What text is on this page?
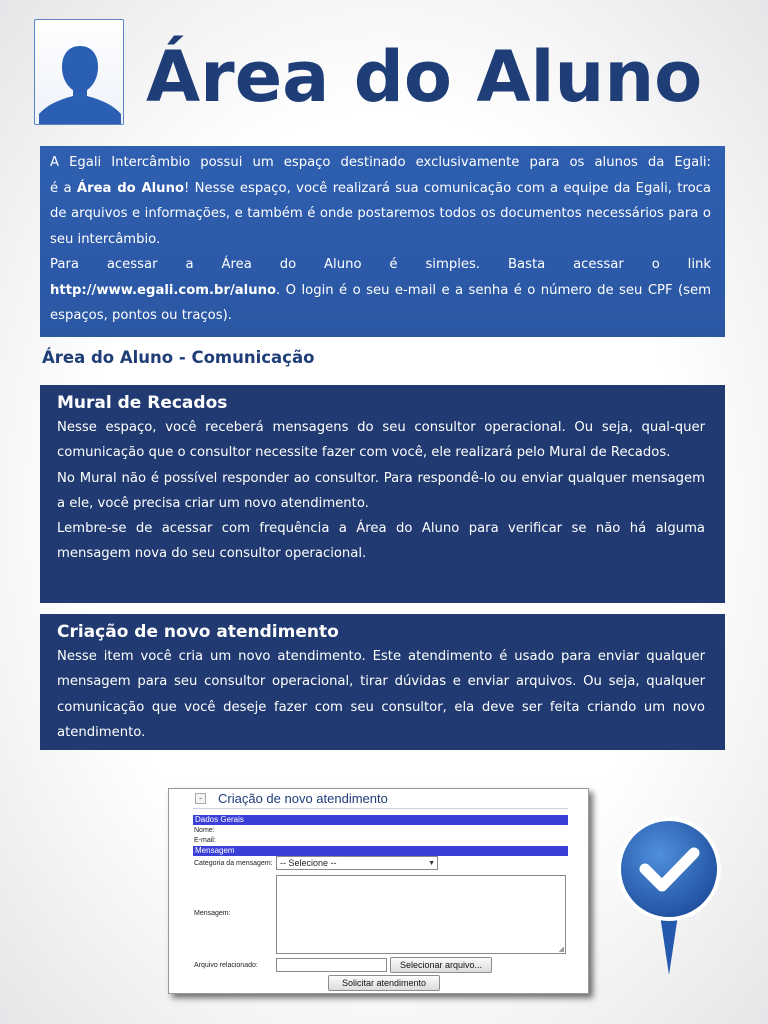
Área do Aluno

A Egali Intercâmbio possui um espaço destinado exclusivamente para os alunos da Egali:

é a Área do Aluno! Nesse espaço, você realizará sua comunicação com a equipe da Egali, troca de arquivos e informações, e também é onde postaremos todos os documentos necessários para o seu intercâmbio.

Para acessar a Área do Aluno é simples. Basta acessar o link

http://www.egali.com.br/aluno. O login é o seu e-mail e a senha é o número de seu CPF (sem espaços, pontos ou traços).

Área do Aluno - Comunicação
Mural de Recados

Nesse espaço, você receberá mensagens do seu consultor operacional. Ou seja, qual-quer comunicação que o consultor necessite fazer com você, ele realizará pelo Mural de Recados.

No Mural não é possível responder ao consultor. Para respondê-lo ou enviar qualquer mensagem a ele, você precisa criar um novo atendimento.

Lembre-se de acessar com frequência a Área do Aluno para verificar se não há alguma mensagem nova do seu consultor operacional.

Criação de novo atendimento

Nesse item você cria um novo atendimento. Este atendimento é usado para enviar qualquer mensagem para seu consultor operacional, tirar dúvidas e enviar arquivos. Ou seja, qualquer comunicação que você deseje fazer com seu consultor, ela deve ser feita criando um novo atendimento.

-	Criação de novo atendimento
Dados Gerais
Nome:
E-mail:
Mensagem
Categoria da mensagem: -- Selecione --	▼
Mensagem:
◢
Arquivo relacionado:	Selecionar arquivo...
Solicitar atendimento
